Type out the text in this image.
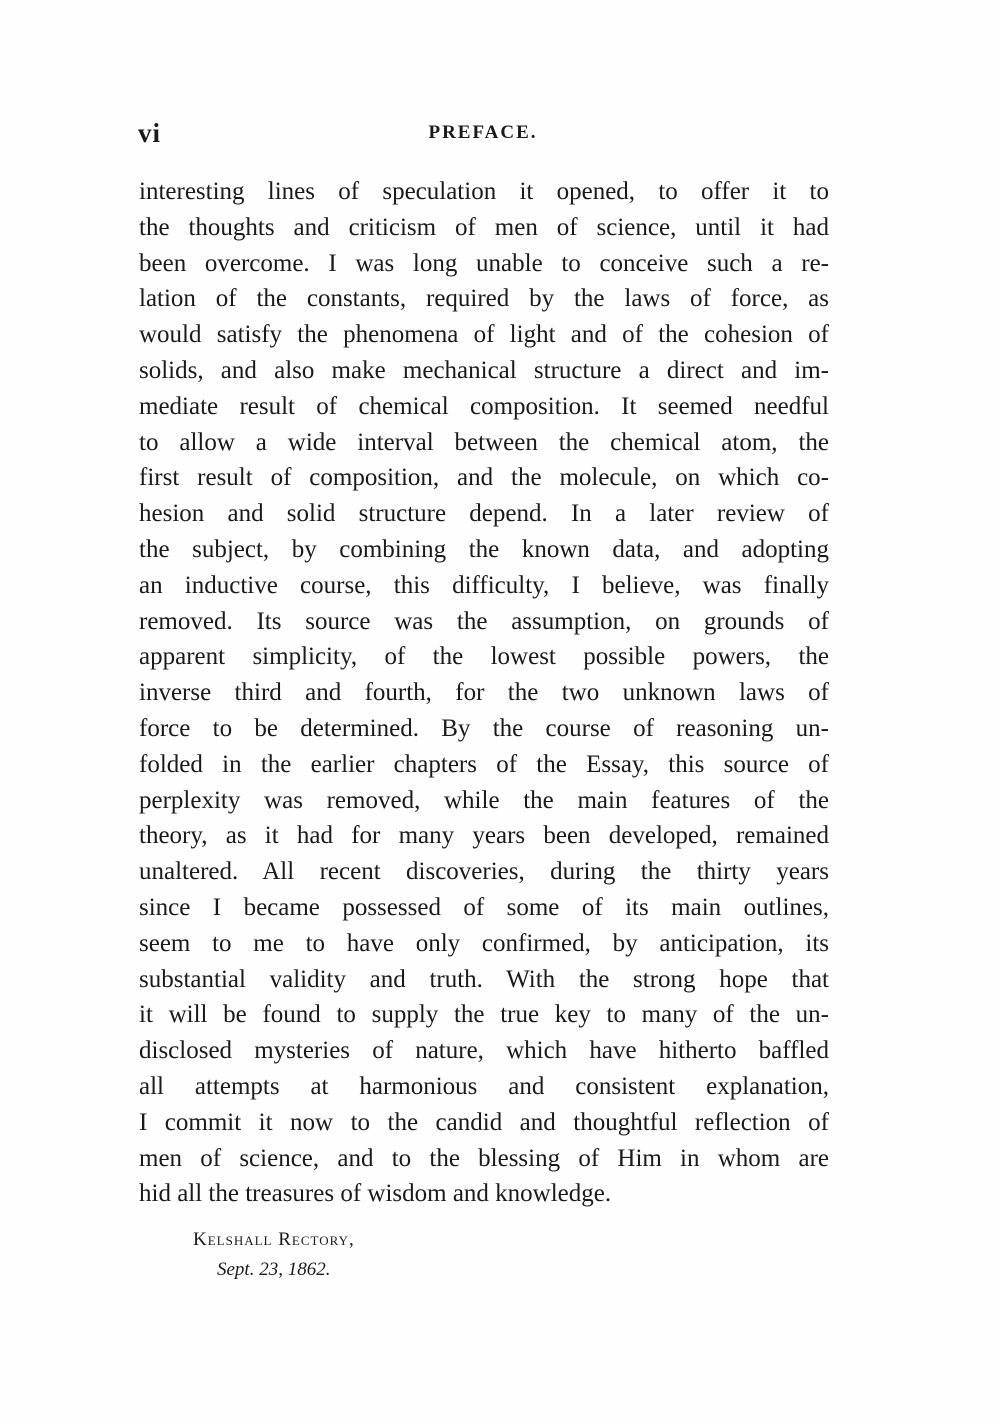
vi	PREFACE.
interesting lines of speculation it opened, to offer it to
the thoughts and criticism of men of science, until it had
been overcome. I was long unable to conceive such a re-
lation of the constants, required by the laws of force, as
would satisfy the phenomena of light and of the cohesion of
solids, and also make mechanical structure a direct and im-
mediate result of chemical composition. It seemed needful
to allow a wide interval between the chemical atom, the
first result of composition, and the molecule, on which co-
hesion and solid structure depend. In a later review of
the subject, by combining the known data, and adopting
an inductive course, this difficulty, I believe, was finally
removed. Its source was the assumption, on grounds of
apparent simplicity, of the lowest possible powers, the
inverse third and fourth, for the two unknown laws of
force to be determined. By the course of reasoning un-
folded in the earlier chapters of the Essay, this source of
perplexity was removed, while the main features of the
theory, as it had for many years been developed, remained
unaltered. All recent discoveries, during the thirty years
since I became possessed of some of its main outlines,
seem to me to have only confirmed, by anticipation, its
substantial validity and truth. With the strong hope that
it will be found to supply the true key to many of the un-
disclosed mysteries of nature, which have hitherto baffled
all attempts at harmonious and consistent explanation,
I commit it now to the candid and thoughtful reflection of
men of science, and to the blessing of Him in whom are
hid all the treasures of wisdom and knowledge.
Kelshall Rectory,
Sept. 23, 1862.
